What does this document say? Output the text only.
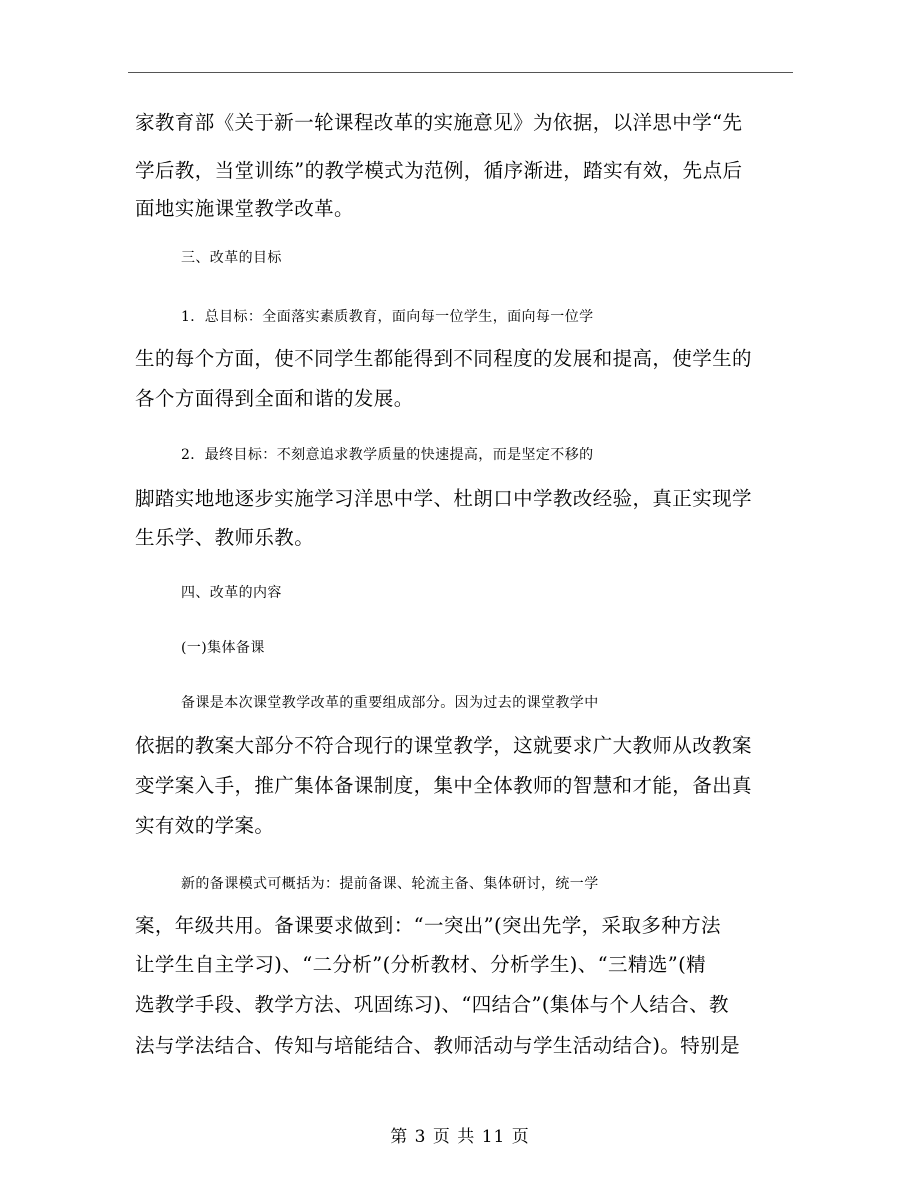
家教育部《关于新一轮课程改革的实施意见》为依据，以洋思中学“先
学后教，当堂训练”的教学模式为范例，循序渐进，踏实有效，先点后
面地实施课堂教学改革。
三、改革的目标
1．总目标：全面落实素质教育，面向每一位学生，面向每一位学
生的每个方面，使不同学生都能得到不同程度的发展和提高，使学生的
各个方面得到全面和谐的发展。
2．最终目标：不刻意追求教学质量的快速提高，而是坚定不移的
脚踏实地地逐步实施学习洋思中学、杜朗口中学教改经验，真正实现学
生乐学、教师乐教。
四、改革的内容
(一)集体备课
备课是本次课堂教学改革的重要组成部分。因为过去的课堂教学中
依据的教案大部分不符合现行的课堂教学，这就要求广大教师从改教案
变学案入手，推广集体备课制度，集中全体教师的智慧和才能，备出真
实有效的学案。
新的备课模式可概括为：提前备课、轮流主备、集体研讨，统一学
案，年级共用。备课要求做到：“一突出”(突出先学，采取多种方法
让学生自主学习)、“二分析”(分析教材、分析学生)、“三精选”(精
选教学手段、教学方法、巩固练习)、“四结合”(集体与个人结合、教
法与学法结合、传知与培能结合、教师活动与学生活动结合)。特别是
第 3 页 共 11 页
